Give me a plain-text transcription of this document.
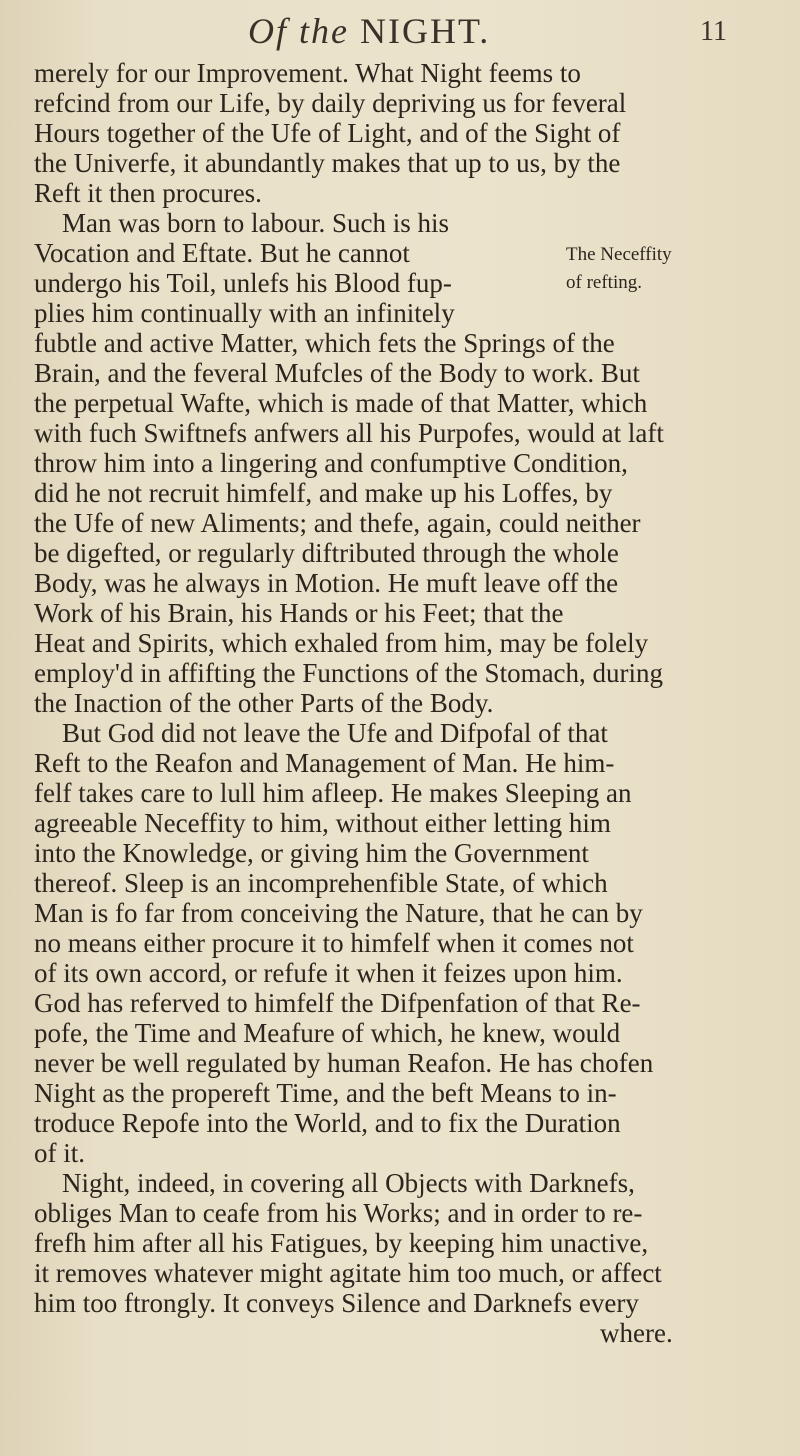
Of the NIGHT.	11
merely for our Improvement. What Night feems to
refcind from our Life, by daily depriving us for feveral
Hours together of the Ufe of Light, and of the Sight of
the Univerfe, it abundantly makes that up to us, by the
Reft it then procures.
Man was born to labour. Such is his
Vocation and Eftate. But he cannot
undergo his Toil, unlefs his Blood fup-
plies him continually with an infinitely
fubtle and active Matter, which fets the Springs of the
Brain, and the feveral Mufcles of the Body to work. But
the perpetual Wafte, which is made of that Matter, which
with fuch Swiftnefs anfwers all his Purpofes, would at laft
throw him into a lingering and confumptive Condition,
did he not recruit himfelf, and make up his Loffes, by
the Ufe of new Aliments; and thefe, again, could neither
be digefted, or regularly diftributed through the whole
Body, was he always in Motion. He muft leave off the
Work of his Brain, his Hands or his Feet; that the
Heat and Spirits, which exhaled from him, may be folely
employ'd in affifting the Functions of the Stomach, during
the Inaction of the other Parts of the Body.
But God did not leave the Ufe and Difpofal of that
Reft to the Reafon and Management of Man. He him-
felf takes care to lull him afleep. He makes Sleeping an
agreeable Neceffity to him, without either letting him
into the Knowledge, or giving him the Government
thereof. Sleep is an incomprehenfible State, of which
Man is fo far from conceiving the Nature, that he can by
no means either procure it to himfelf when it comes not
of its own accord, or refufe it when it feizes upon him.
God has referved to himfelf the Difpenfation of that Re-
pofe, the Time and Meafure of which, he knew, would
never be well regulated by human Reafon. He has chofen
Night as the propereft Time, and the beft Means to in-
troduce Repofe into the World, and to fix the Duration
of it.
Night, indeed, in covering all Objects with Darknefs,
obliges Man to ceafe from his Works; and in order to re-
frefh him after all his Fatigues, by keeping him unactive,
it removes whatever might agitate him too much, or affect
him too ftrongly. It conveys Silence and Darknefs every
where.
The Neceffity
of refting.
